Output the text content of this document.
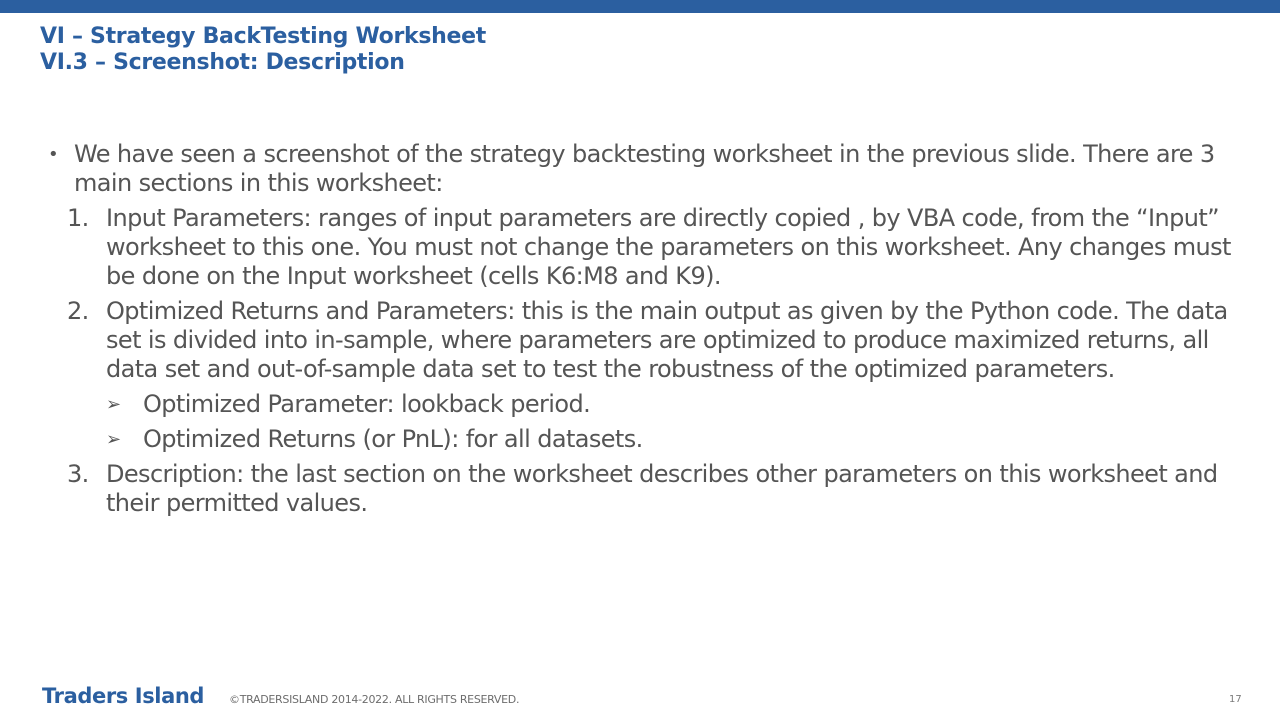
VI – Strategy BackTesting Worksheet
VI.3 – Screenshot: Description
• We have seen a screenshot of the strategy backtesting worksheet in the previous slide. There are 3 main sections in this worksheet:
1. Input Parameters: ranges of input parameters are directly copied , by VBA code, from the “Input” worksheet to this one. You must not change the parameters on this worksheet. Any changes must be done on the Input worksheet (cells K6:M8 and K9).
2. Optimized Returns and Parameters: this is the main output as given by the Python code. The data set is divided into in-sample, where parameters are optimized to produce maximized returns, all data set and out-of-sample data set to test the robustness of the optimized parameters.
➢ Optimized Parameter: lookback period.
➢ Optimized Returns (or PnL): for all datasets.
3. Description: the last section on the worksheet describes other parameters on this worksheet and their permitted values.
Traders Island ©TRADERSISLAND 2014-2022. ALL RIGHTS RESERVED.	17
